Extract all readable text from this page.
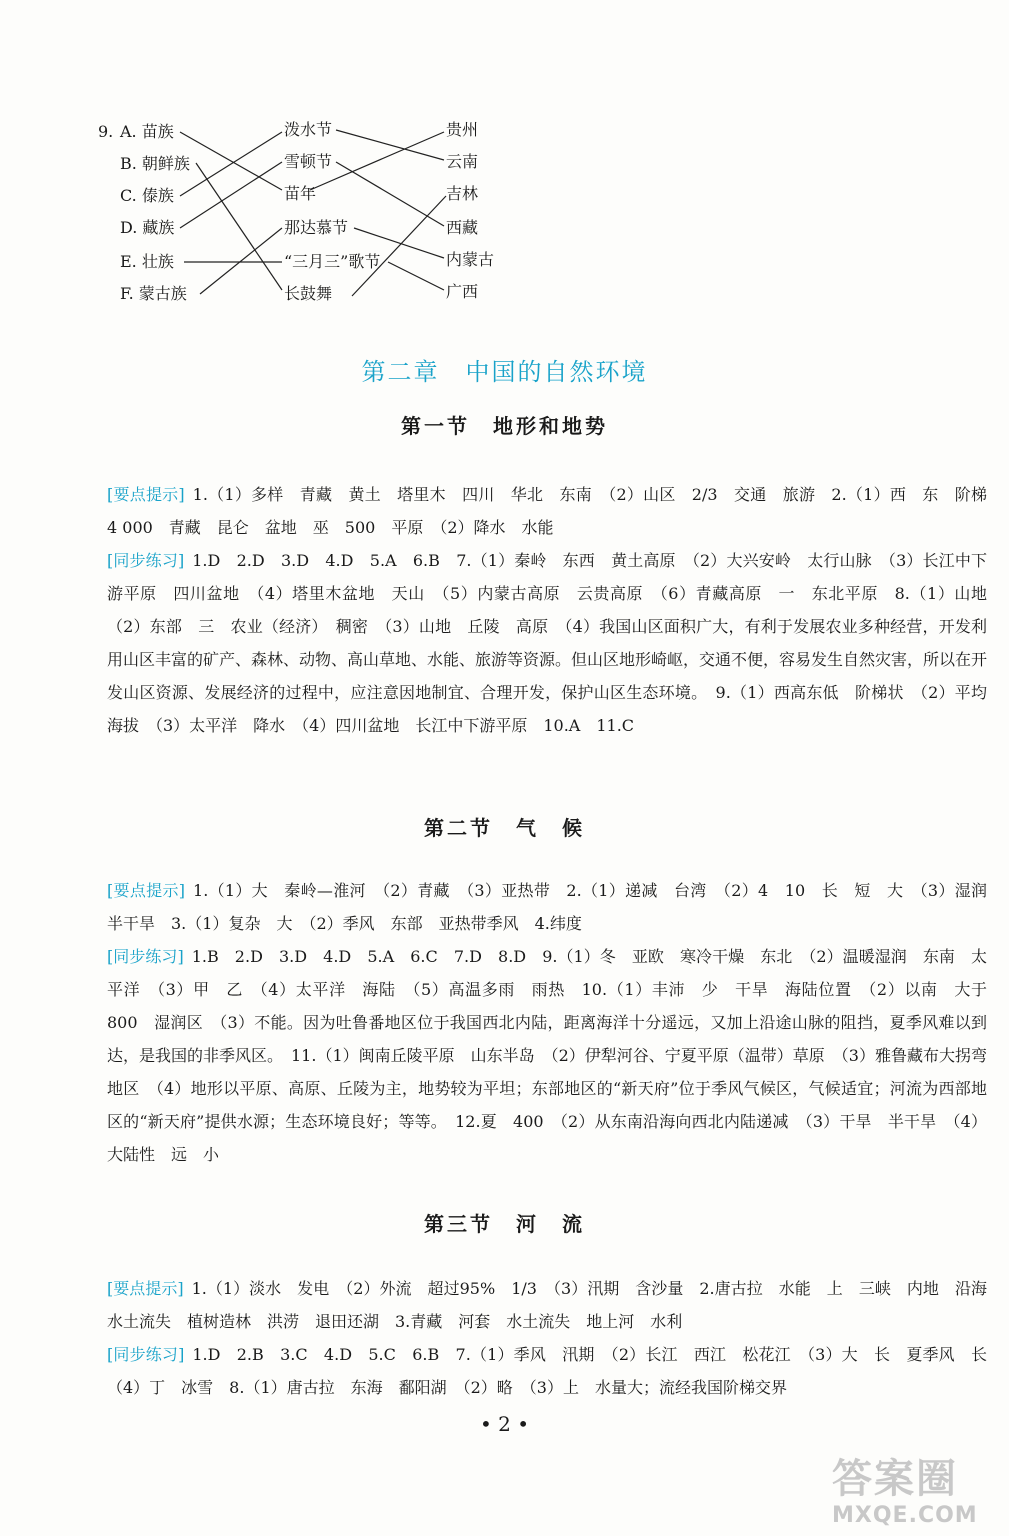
9. A. 苗族
B. 朝鲜族
C. 傣族
D. 藏族
E. 壮族
F. 蒙古族
泼水节
雪顿节
苗年
那达慕节
“三月三”歌节
长鼓舞
贵州
云南
吉林
西藏
内蒙古
广西
第二章　中国的自然环境
第一节　地形和地势
[要点提示] 1.（1）多样　青藏　黄土　塔里木　四川　华北　东南　（2）山区　2/3　交通　旅游　2.（1）西　东　阶梯　4 000　青藏　昆仑　盆地　巫　500　平原　（2）降水　水能
[同步练习] 1.D　2.D　3.D　4.D　5.A　6.B　7.（1）秦岭　东西　黄土高原　（2）大兴安岭　太行山脉　（3）长江中下游平原　四川盆地　（4）塔里木盆地　天山　（5）内蒙古高原　云贵高原　（6）青藏高原　一　东北平原　8.（1）山地　（2）东部　三　农业（经济）　稠密　（3）山地　丘陵　高原　（4）我国山区面积广大，有利于发展农业多种经营，开发利用山区丰富的矿产、森林、动物、高山草地、水能、旅游等资源。但山区地形崎岖，交通不便，容易发生自然灾害，所以在开发山区资源、发展经济的过程中，应注意因地制宜、合理开发，保护山区生态环境。　9.（1）西高东低　阶梯状　（2）平均海拔　（3）太平洋　降水　（4）四川盆地　长江中下游平原　10.A　11.C
第二节　气　候
[要点提示] 1.（1）大　秦岭—淮河　（2）青藏　（3）亚热带　2.（1）递减　台湾　（2）4　10　长　短　大　（3）湿润　半干旱　3.（1）复杂　大　（2）季风　东部　亚热带季风　4.纬度
[同步练习] 1.B　2.D　3.D　4.D　5.A　6.C　7.D　8.D　9.（1）冬　亚欧　寒冷干燥　东北　（2）温暖湿润　东南　太平洋　（3）甲　乙　（4）太平洋　海陆　（5）高温多雨　雨热　10.（1）丰沛　少　干旱　海陆位置　（2）以南　大于　800　湿润区　（3）不能。因为吐鲁番地区位于我国西北内陆，距离海洋十分遥远，又加上沿途山脉的阻挡，夏季风难以到达，是我国的非季风区。　11.（1）闽南丘陵平原　山东半岛　（2）伊犁河谷、宁夏平原（温带）草原　（3）雅鲁藏布大拐弯地区　（4）地形以平原、高原、丘陵为主，地势较为平坦；东部地区的“新天府”位于季风气候区，气候适宜；河流为西部地区的“新天府”提供水源；生态环境良好；等等。　12.夏　400　（2）从东南沿海向西北内陆递减　（3）干旱　半干旱　（4）大陆性　远　小
第三节　河　流
[要点提示] 1.（1）淡水　发电　（2）外流　超过95%　1/3　（3）汛期　含沙量　2.唐古拉　水能　上　三峡　内地　沿海　水土流失　植树造林　洪涝　退田还湖　3.青藏　河套　水土流失　地上河　水利
[同步练习] 1.D　2.B　3.C　4.D　5.C　6.B　7.（1）季风　汛期　（2）长江　西江　松花江　（3）大　长　夏季风　长　（4）丁　冰雪　8.（1）唐古拉　东海　鄱阳湖　（2）略　（3）上　水量大；流经我国阶梯交界
• 2 •
答案圈
MXQE.COM
